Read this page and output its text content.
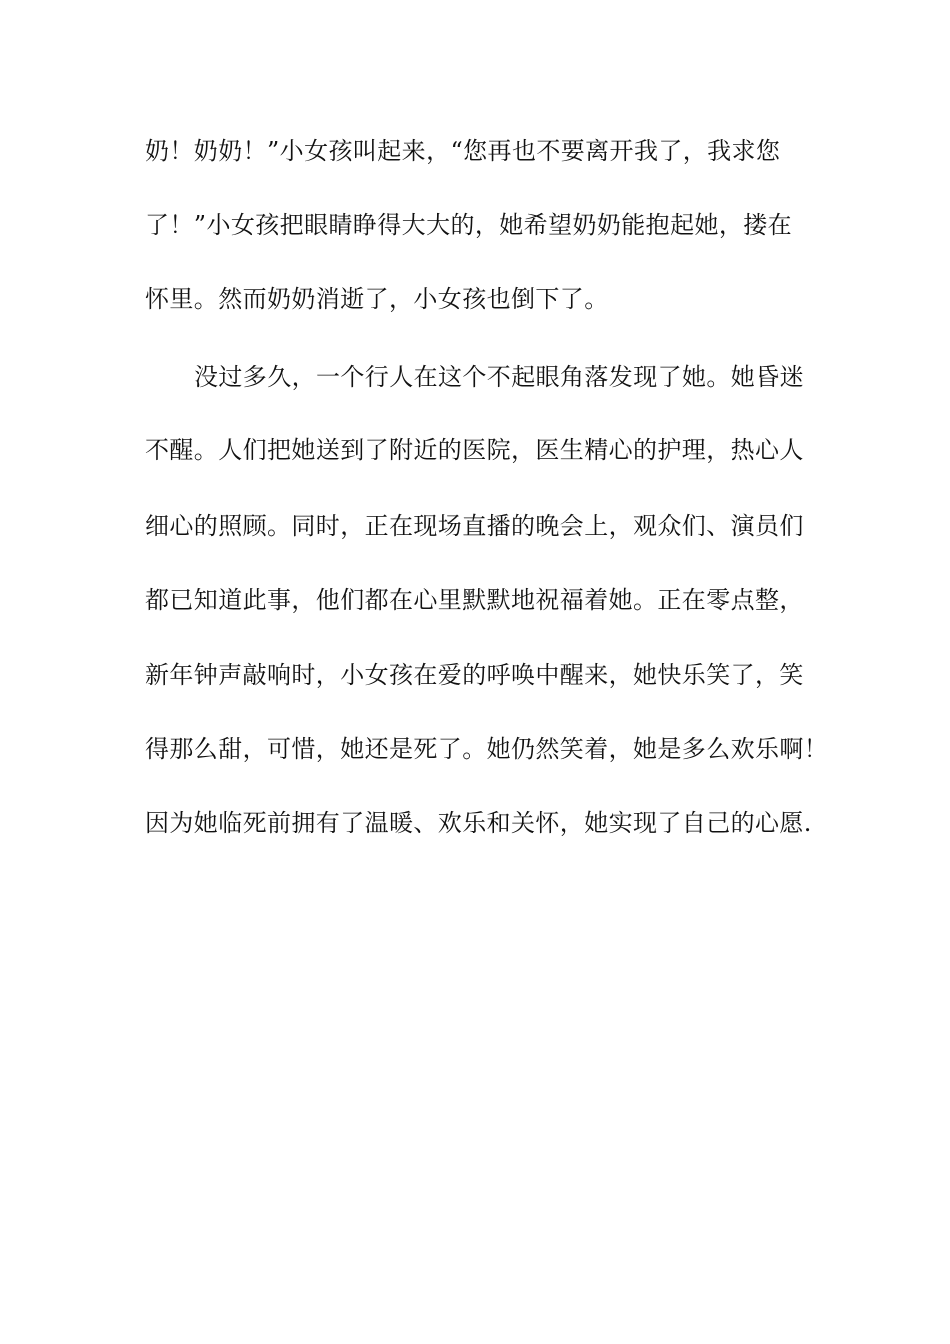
奶！奶奶！”小女孩叫起来，“您再也不要离开我了，我求您
了！”小女孩把眼睛睁得大大的，她希望奶奶能抱起她，搂在
怀里。然而奶奶消逝了，小女孩也倒下了。
没过多久，一个行人在这个不起眼角落发现了她。她昏迷
不醒。人们把她送到了附近的医院，医生精心的护理，热心人
细心的照顾。同时，正在现场直播的晚会上，观众们、演员们
都已知道此事，他们都在心里默默地祝福着她。正在零点整，
新年钟声敲响时，小女孩在爱的呼唤中醒来，她快乐笑了，笑
得那么甜，可惜，她还是死了。她仍然笑着，她是多么欢乐啊！
因为她临死前拥有了温暖、欢乐和关怀，她实现了自己的心愿.
